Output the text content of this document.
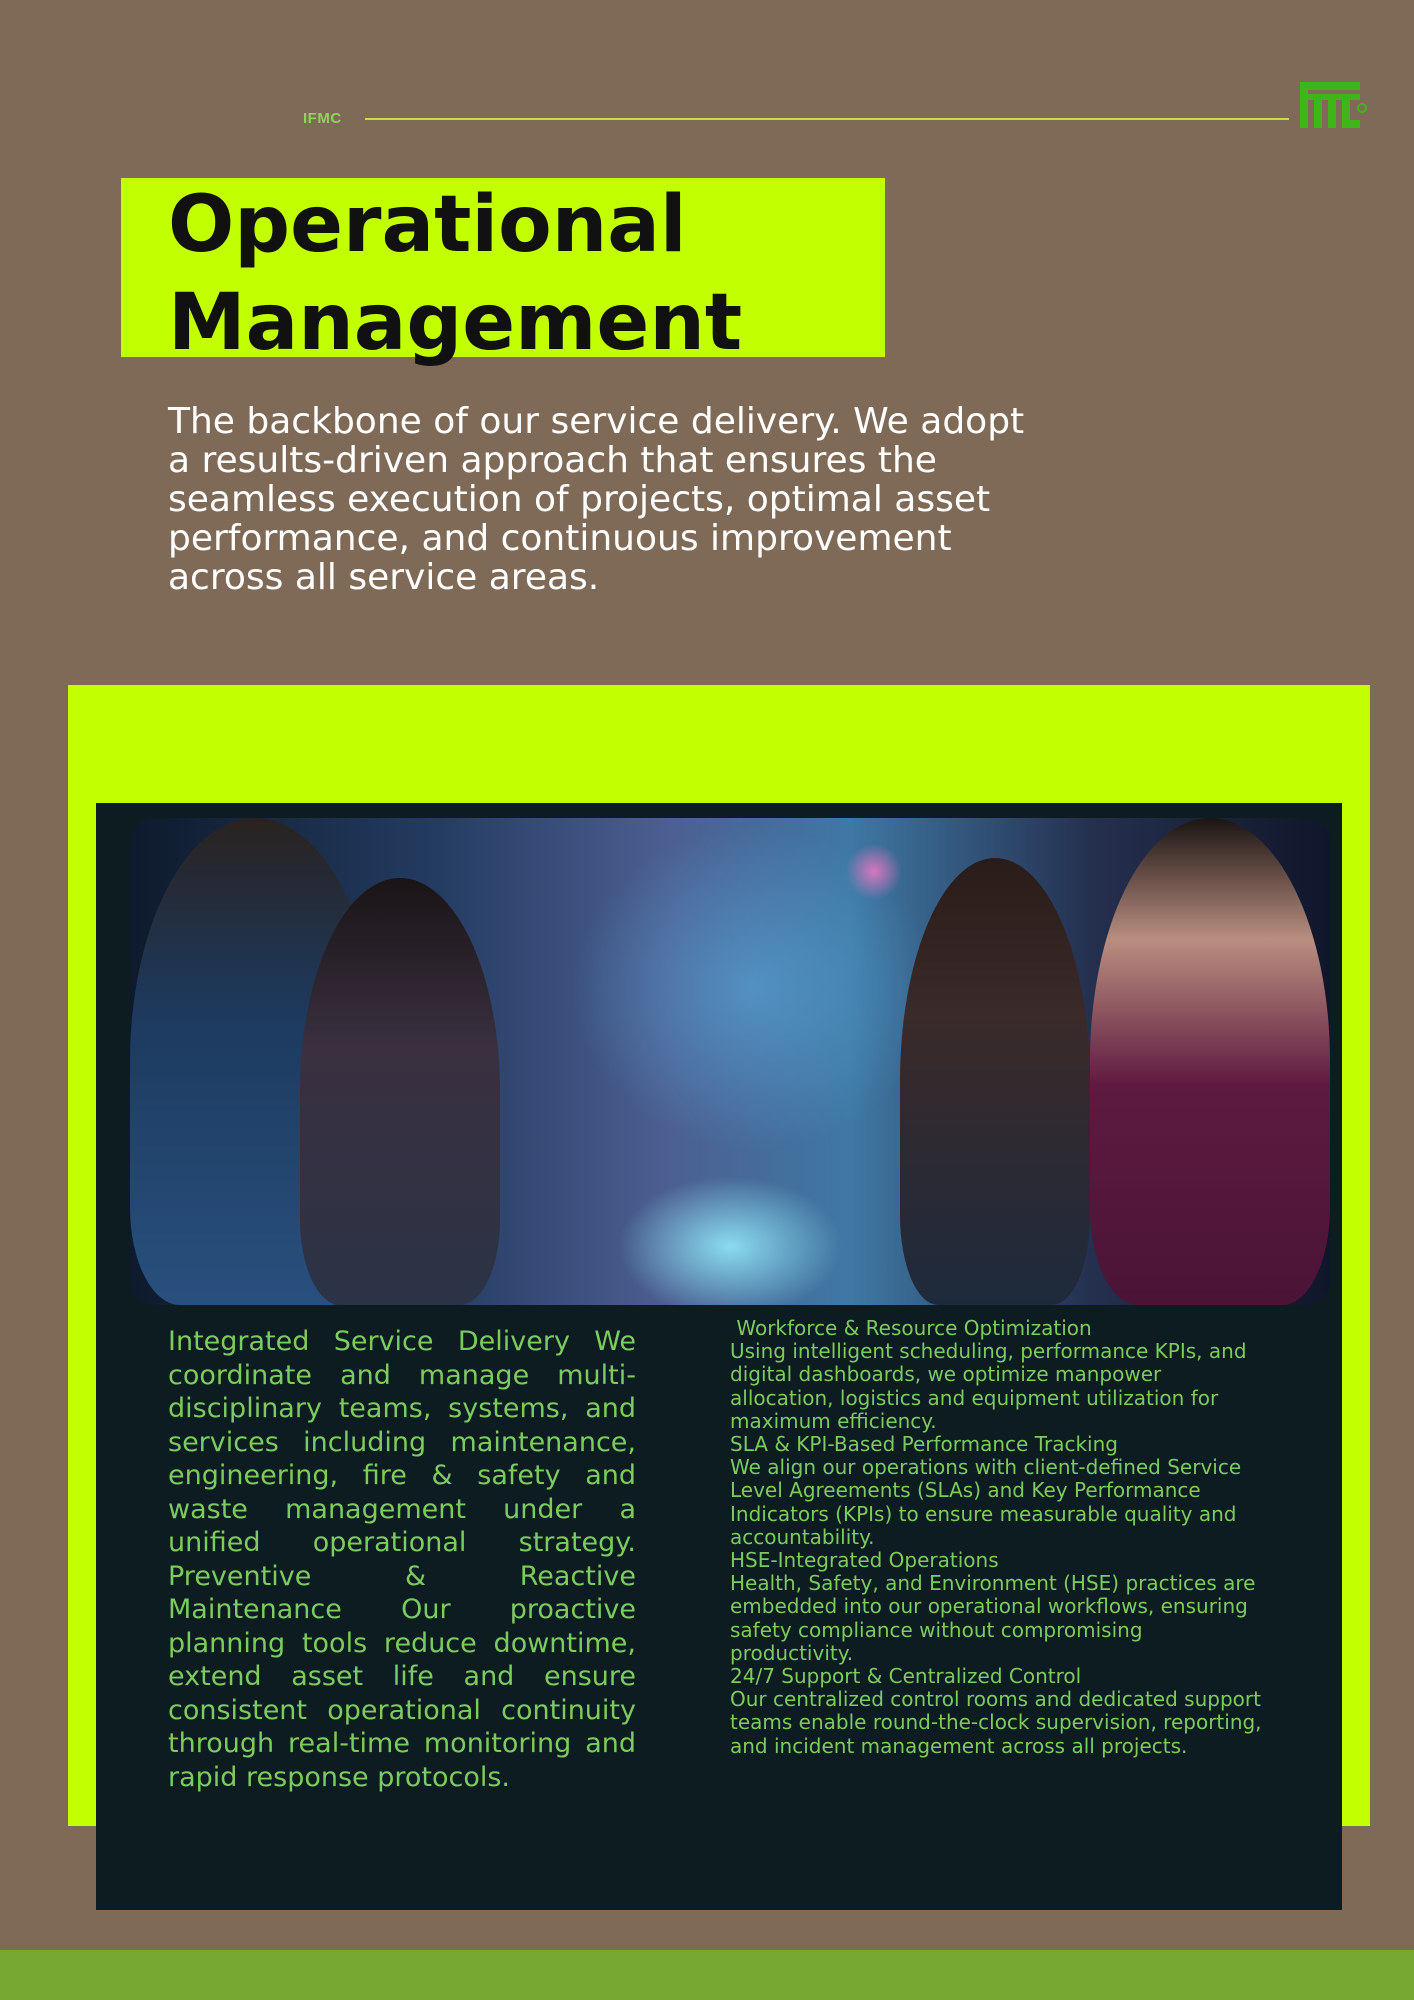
IFMC
Operational
Management

The backbone of our service delivery. We adopt a results-driven approach that ensures the seamless execution of projects, optimal asset performance, and continuous improvement across all service areas.

Integrated Service Delivery We coordinate and manage multi-disciplinary teams, systems, and services including maintenance, engineering, fire & safety and waste management under a unified operational strategy. Preventive & Reactive Maintenance Our proactive planning tools reduce downtime, extend asset life and ensure consistent operational continuity through real-time monitoring and rapid response protocols.

Workforce & Resource Optimization
Using intelligent scheduling, performance KPIs, and digital dashboards, we optimize manpower allocation, logistics and equipment utilization for maximum efficiency.
SLA & KPI-Based Performance Tracking
We align our operations with client-defined Service Level Agreements (SLAs) and Key Performance Indicators (KPIs) to ensure measurable quality and accountability.
HSE-Integrated Operations
Health, Safety, and Environment (HSE) practices are embedded into our operational workflows, ensuring safety compliance without compromising productivity.
24/7 Support & Centralized Control
Our centralized control rooms and dedicated support teams enable round-the-clock supervision, reporting, and incident management across all projects.
